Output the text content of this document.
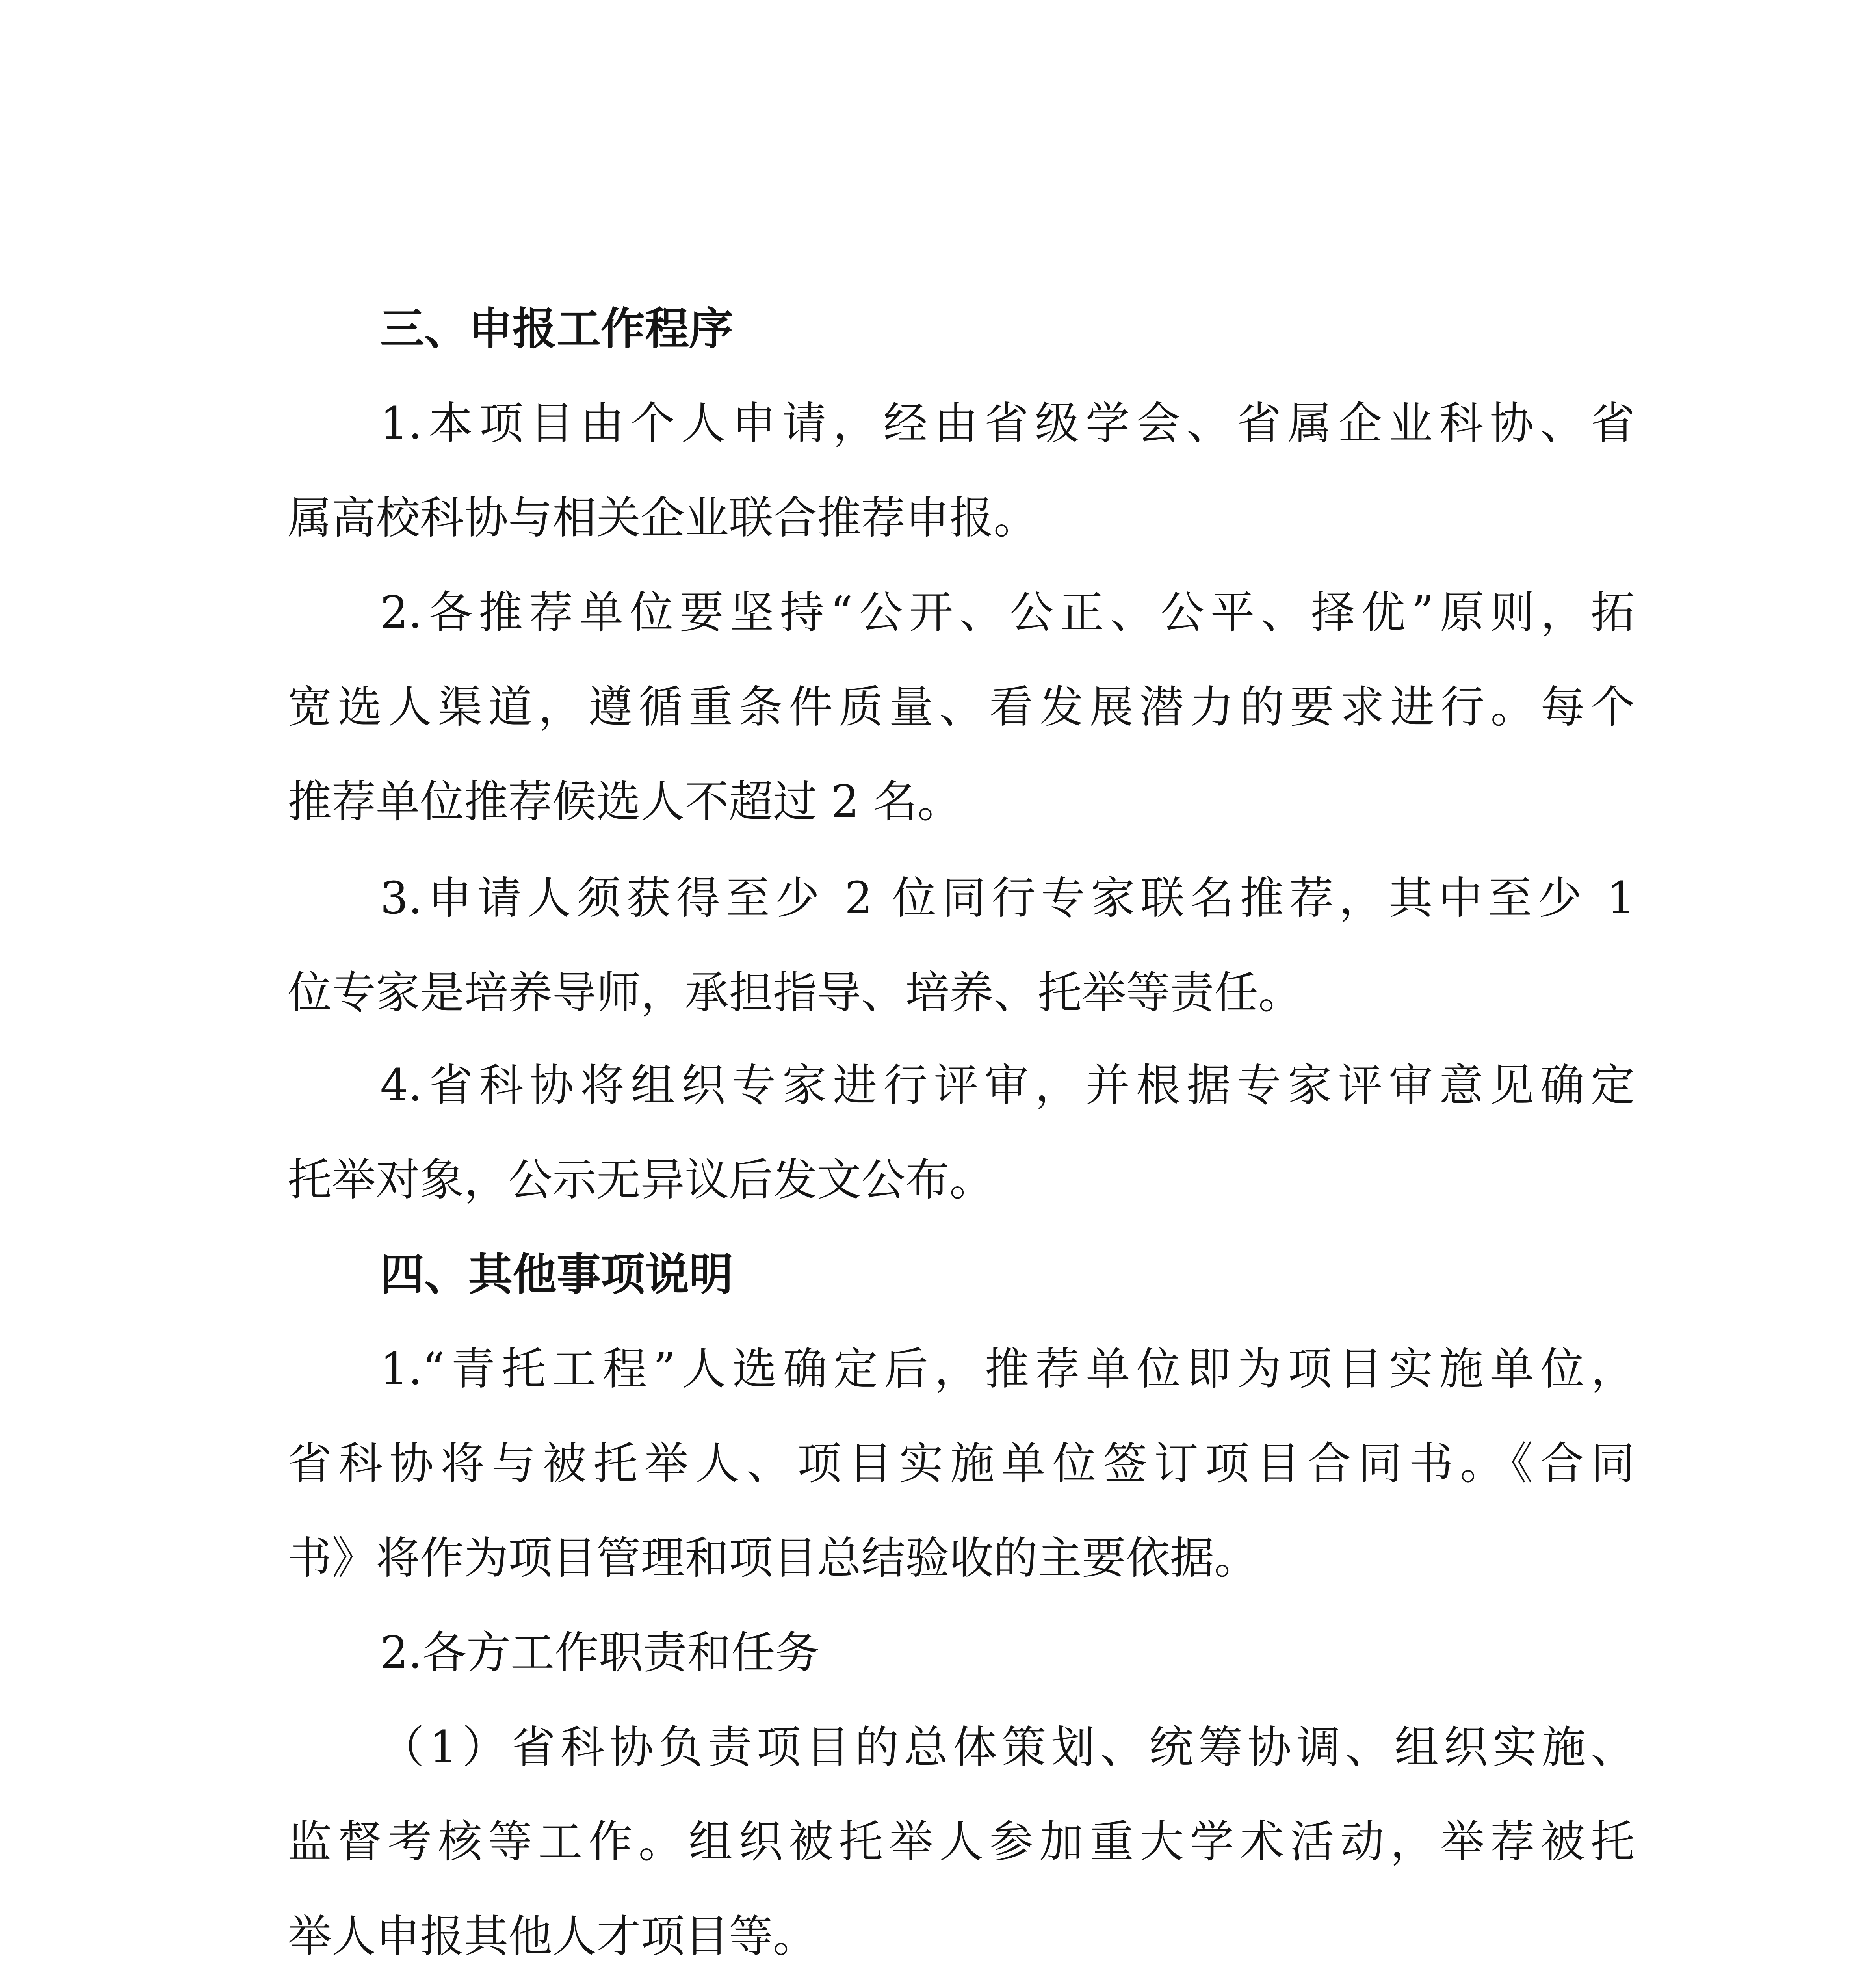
三、申报工作程序
1.本项目由个人申请，经由省级学会、省属企业科协、省
属高校科协与相关企业联合推荐申报。
2.各推荐单位要坚持“公开、公正、公平、择优”原则，拓
宽选人渠道，遵循重条件质量、看发展潜力的要求进行。每个
推荐单位推荐候选人不超过 2 名。
3.申请人须获得至少 2 位同行专家联名推荐，其中至少 1
位专家是培养导师，承担指导、培养、托举等责任。
4.省科协将组织专家进行评审，并根据专家评审意见确定
托举对象，公示无异议后发文公布。
四、其他事项说明
1.“青托工程”人选确定后，推荐单位即为项目实施单位，
省科协将与被托举人、项目实施单位签订项目合同书。《合同
书》将作为项目管理和项目总结验收的主要依据。
2.各方工作职责和任务
（1）省科协负责项目的总体策划、统筹协调、组织实施、
监督考核等工作。组织被托举人参加重大学术活动，举荐被托
举人申报其他人才项目等。
